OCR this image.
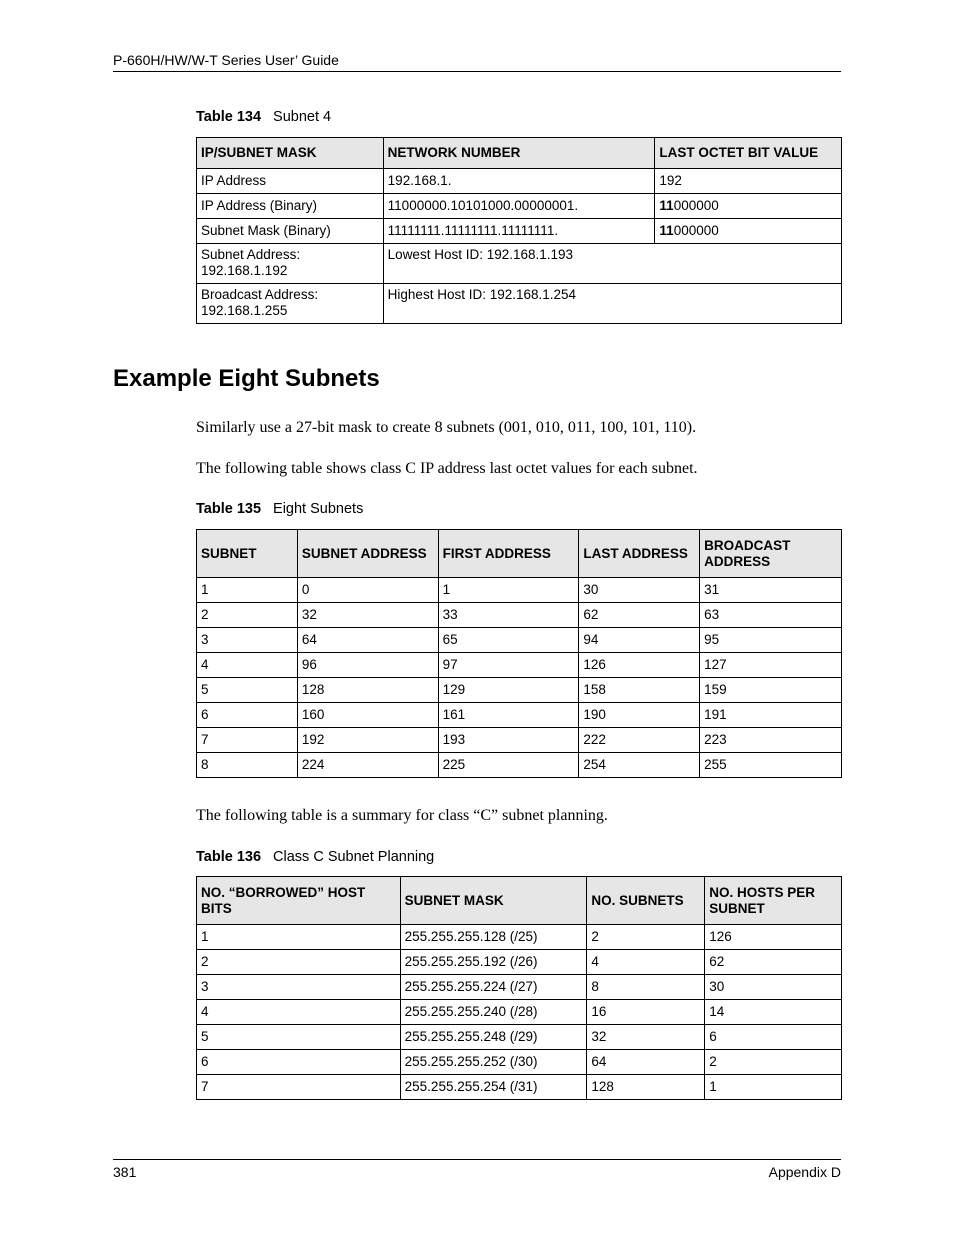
P-660H/HW/W-T Series User’ Guide
Table 134 Subnet 4
IP/SUBNET MASK	NETWORK NUMBER	LAST OCTET BIT VALUE
IP Address	192.168.1.	192
IP Address (Binary)	11000000.10101000.00000001.	11000000
Subnet Mask (Binary)	11111111.11111111.11111111.	11000000
Subnet Address:
192.168.1.192	Lowest Host ID: 192.168.1.193	
Broadcast Address:
192.168.1.255	Highest Host ID: 192.168.1.254	
Example Eight Subnets
Similarly use a 27-bit mask to create 8 subnets (001, 010, 011, 100, 101, 110).
The following table shows class C IP address last octet values for each subnet.
Table 135 Eight Subnets
SUBNET	SUBNET ADDRESS	FIRST ADDRESS	LAST ADDRESS	BROADCAST ADDRESS
1	0	1	30	31
2	32	33	62	63
3	64	65	94	95
4	96	97	126	127
5	128	129	158	159
6	160	161	190	191
7	192	193	222	223
8	224	225	254	255
The following table is a summary for class “C” subnet planning.
Table 136 Class C Subnet Planning
NO. “BORROWED” HOST BITS	SUBNET MASK	NO. SUBNETS	NO. HOSTS PER SUBNET
1	255.255.255.128 (/25)	2	126
2	255.255.255.192 (/26)	4	62
3	255.255.255.224 (/27)	8	30
4	255.255.255.240 (/28)	16	14
5	255.255.255.248 (/29)	32	6
6	255.255.255.252 (/30)	64	2
7	255.255.255.254 (/31)	128	1
381	Appendix D
